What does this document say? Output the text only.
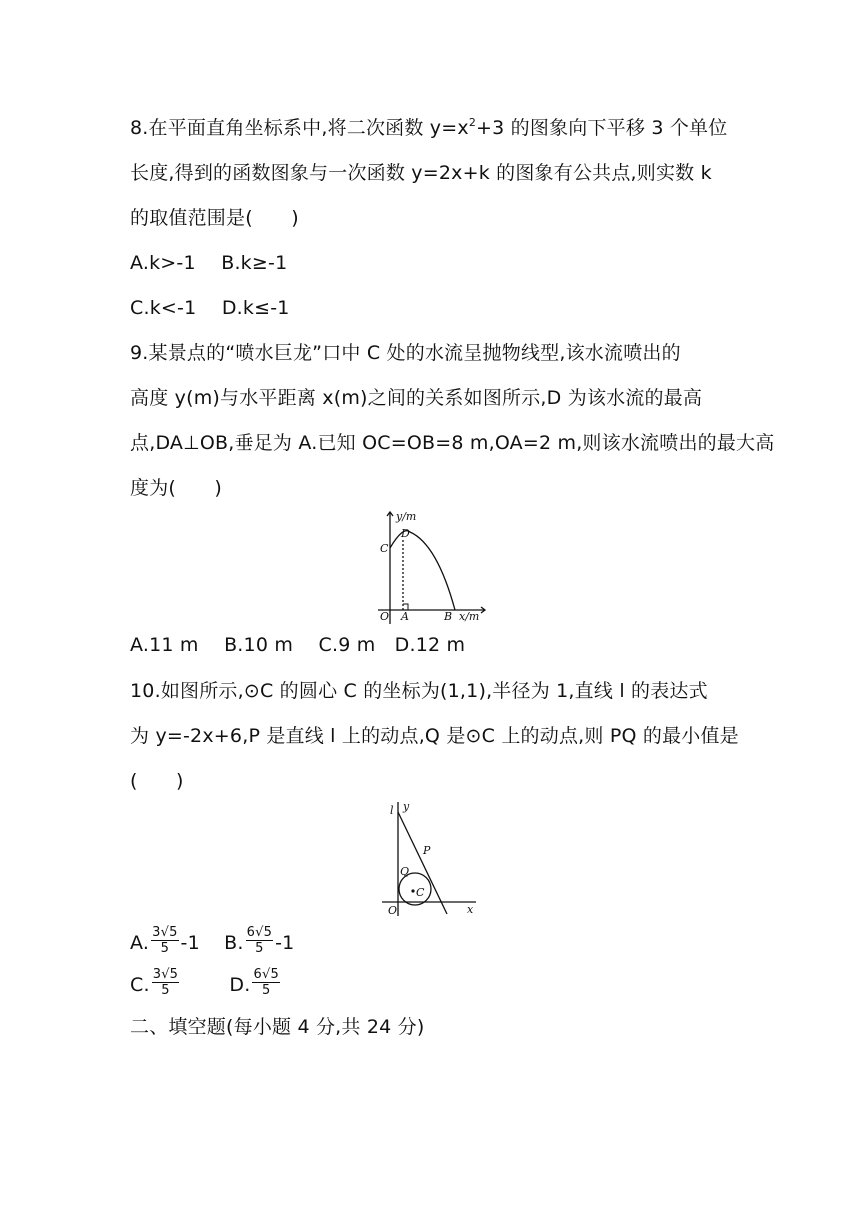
8.在平面直角坐标系中,将二次函数 $y=x^2+3$ 的图象向下平移 3 个单位
长度,得到的函数图象与一次函数 y=2x+k 的图象有公共点,则实数 k
的取值范围是(　　)
A.k>-1　 B.k≥-1
C.k<-1　 D.k≤-1
9.某景点的“喷水巨龙”口中 C 处的水流呈抛物线型,该水流喷出的
高度 y(m)与水平距离 x(m)之间的关系如图所示,D 为该水流的最高
点,DA⊥OB,垂足为 A.已知 OC=OB=8 m,OA=2 m,则该水流喷出的最大高
度为(　　)
y/m
C
D
O A	B x/m
A.11 m　 B.10 m　 C.9 m　D.12 m
10.如图所示,⊙C 的圆心 C 的坐标为(1,1),半径为 1,直线 l 的表达式
为 y=-2x+6,P 是直线 l 上的动点,Q 是⊙C 上的动点,则 PQ 的最小值是
(　　)
l y
P
Q
C
O	x
A. $\frac{3√5}{5} -1$ B. $\frac{6√5}{5} -1$
C. $\frac{3√5}{5}$	D. $\frac{6√5}{5}$
二、填空题(每小题 4 分,共 24 分)
